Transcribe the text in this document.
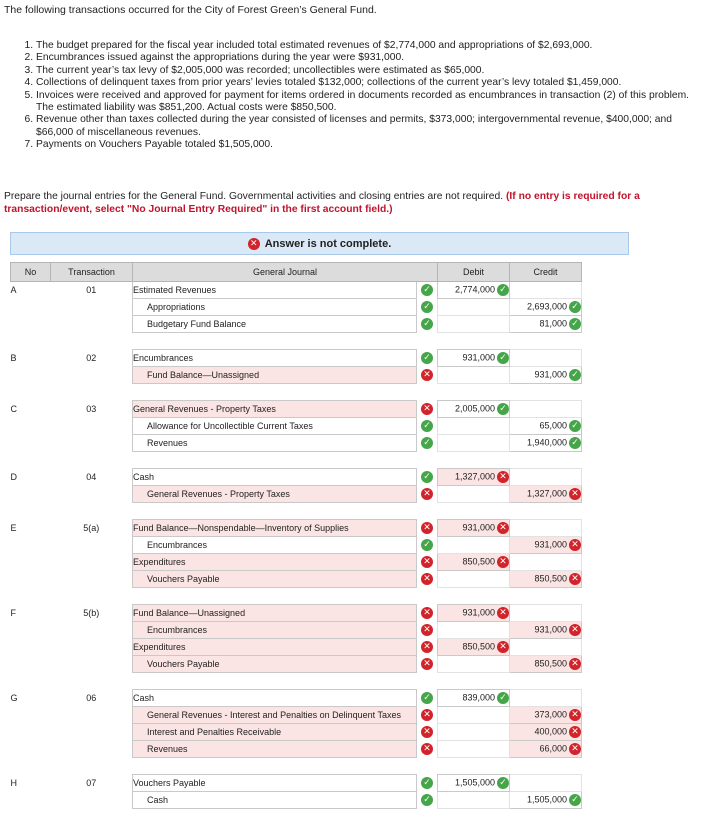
The following transactions occurred for the City of Forest Green’s General Fund.
1. The budget prepared for the fiscal year included total estimated revenues of $2,774,000 and appropriations of $2,693,000.
2. Encumbrances issued against the appropriations during the year were $931,000.
3. The current year’s tax levy of $2,005,000 was recorded; uncollectibles were estimated as $65,000.
4. Collections of delinquent taxes from prior years’ levies totaled $132,000; collections of the current year’s levy totaled $1,459,000.
5. Invoices were received and approved for payment for items ordered in documents recorded as encumbrances in transaction (2) of this problem. The estimated liability was $851,200. Actual costs were $850,500.
6. Revenue other than taxes collected during the year consisted of licenses and permits, $373,000; intergovernmental revenue, $400,000; and $66,000 of miscellaneous revenues.
7. Payments on Vouchers Payable totaled $1,505,000.
Prepare the journal entries for the General Fund. Governmental activities and closing entries are not required. (If no entry is required for a transaction/event, select "No Journal Entry Required" in the first account field.)
✕ Answer is not complete.
No	Transaction	General Journal		Debit	Credit
A	01	Estimated Revenues	✓	2,774,000 ✓	
		Appropriations	✓		2,693,000 ✓
		Budgetary Fund Balance	✓		81,000 ✓

B	02	Encumbrances	✓	931,000 ✓	
		Fund Balance—Unassigned	✕		931,000 ✓

C	03	General Revenues - Property Taxes	✕	2,005,000 ✓	
		Allowance for Uncollectible Current Taxes	✓		65,000 ✓
		Revenues	✓		1,940,000 ✓

D	04	Cash	✓	1,327,000 ✕	
		General Revenues - Property Taxes	✕		1,327,000 ✕

E	5(a)	Fund Balance—Nonspendable—Inventory of Supplies	✕	931,000 ✕	
		Encumbrances	✓		931,000 ✕
		Expenditures	✕	850,500 ✕	
		Vouchers Payable	✕		850,500 ✕

F	5(b)	Fund Balance—Unassigned	✕	931,000 ✕	
		Encumbrances	✕		931,000 ✕
		Expenditures	✕	850,500 ✕	
		Vouchers Payable	✕		850,500 ✕

G	06	Cash	✓	839,000 ✓	
		General Revenues - Interest and Penalties on Delinquent Taxes	✕		373,000 ✕
		Interest and Penalties Receivable	✕		400,000 ✕
		Revenues	✕		66,000 ✕

H	07	Vouchers Payable	✓	1,505,000 ✓	
		Cash	✓		1,505,000 ✓
